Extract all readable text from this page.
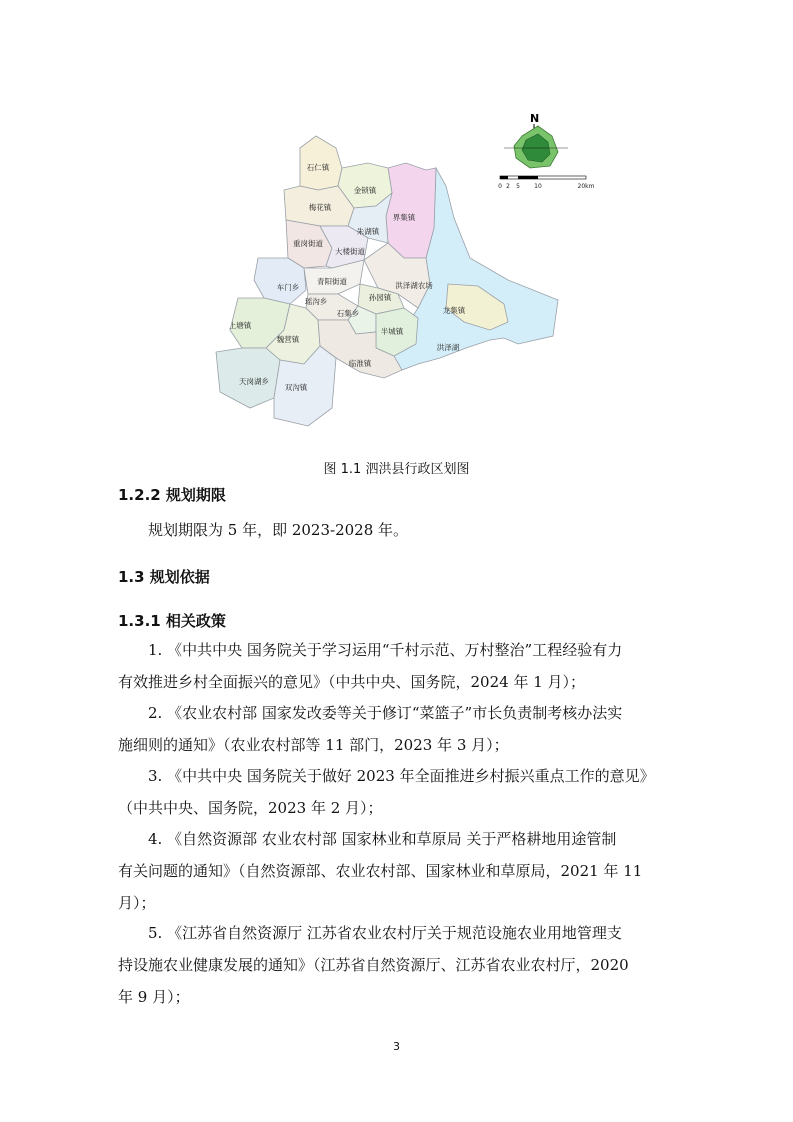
石仁镇
金锁镇
梅花镇
界集镇
重岗街道
朱湖镇
大楼街道
车门乡
青阳街道	洪泽湖农场
孙园镇
瑶沟乡
石集乡	龙集镇
上塘镇
半城镇
魏营镇
洪泽湖
临淮镇
天岗湖乡
双沟镇
N
0 2 5 10	20km
图 1.1 泗洪县行政区划图
1.2.2 规划期限

规划期限为 5 年，即 2023-2028 年。

1.3 规划依据
1.3.1 相关政策

1. 《中共中央 国务院关于学习运用“千村示范、万村整治”工程经验有力
有效推进乡村全面振兴的意见》（中共中央、国务院，2024 年 1 月）；

2. 《农业农村部 国家发改委等关于修订“菜篮子”市长负责制考核办法实
施细则的通知》（农业农村部等 11 部门，2023 年 3 月）；

3. 《中共中央 国务院关于做好 2023 年全面推进乡村振兴重点工作的意见》
（中共中央、国务院，2023 年 2 月）；

4. 《自然资源部 农业农村部 国家林业和草原局 关于严格耕地用途管制
有关问题的通知》（自然资源部、农业农村部、国家林业和草原局，2021 年 11
月）；

5. 《江苏省自然资源厅 江苏省农业农村厅关于规范设施农业用地管理支
持设施农业健康发展的通知》（江苏省自然资源厅、江苏省农业农村厅，2020
年 9 月）；

3
